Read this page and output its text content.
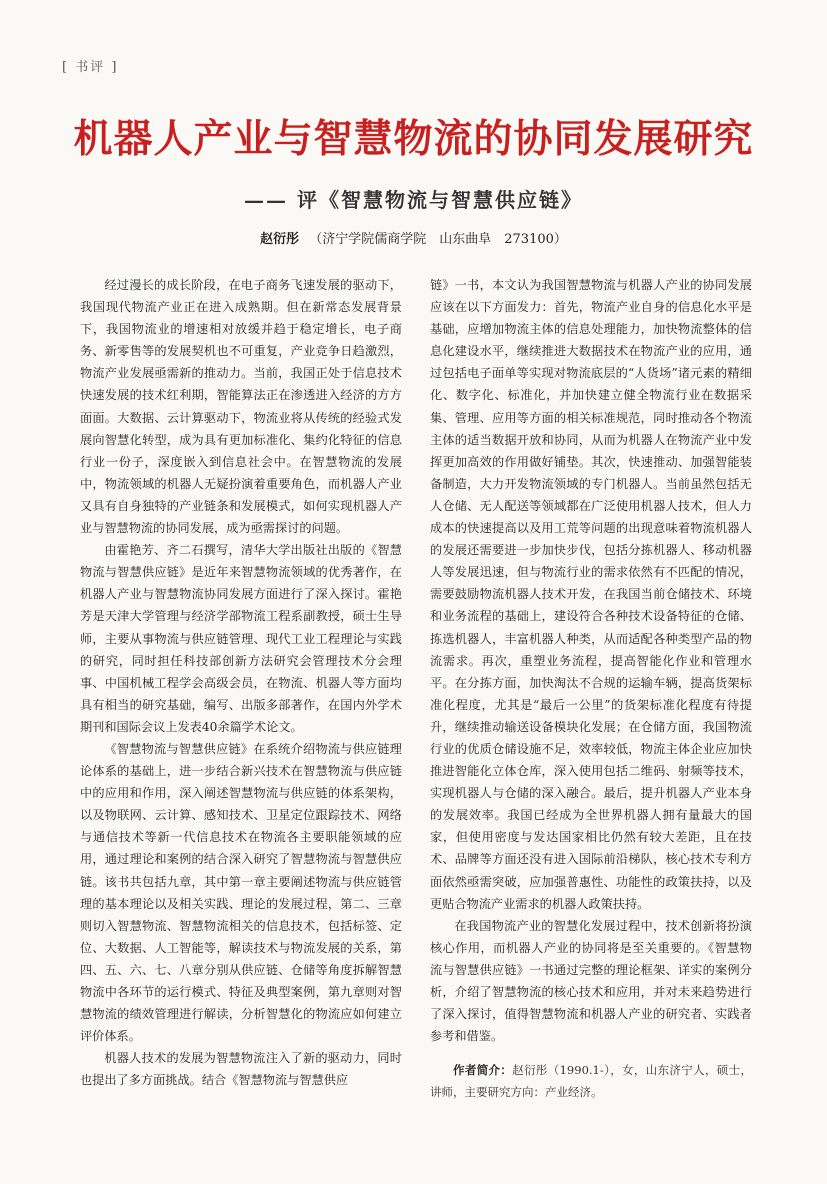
[ 书评 ]
机器人产业与智慧物流的协同发展研究
—— 评《智慧物流与智慧供应链》
赵衍彤 （济宁学院儒商学院　山东曲阜　273100）

经过漫长的成长阶段，在电子商务飞速发展的驱动下，我国现代物流产业正在进入成熟期。但在新常态发展背景下，我国物流业的增速相对放缓并趋于稳定增长，电子商务、新零售等的发展契机也不可重复，产业竞争日趋激烈，物流产业发展亟需新的推动力。当前，我国正处于信息技术快速发展的技术红利期，智能算法正在渗透进入经济的方方面面。大数据、云计算驱动下，物流业将从传统的经验式发展向智慧化转型，成为具有更加标准化、集约化特征的信息行业一份子，深度嵌入到信息社会中。在智慧物流的发展中，物流领域的机器人无疑扮演着重要角色，而机器人产业又具有自身独特的产业链条和发展模式，如何实现机器人产业与智慧物流的协同发展，成为亟需探讨的问题。

由霍艳芳、齐二石撰写，清华大学出版社出版的《智慧物流与智慧供应链》是近年来智慧物流领域的优秀著作，在机器人产业与智慧物流协同发展方面进行了深入探讨。霍艳芳是天津大学管理与经济学部物流工程系副教授，硕士生导师，主要从事物流与供应链管理、现代工业工程理论与实践的研究，同时担任科技部创新方法研究会管理技术分会理事、中国机械工程学会高级会员，在物流、机器人等方面均具有相当的研究基础，编写、出版多部著作，在国内外学术期刊和国际会议上发表40余篇学术论文。

《智慧物流与智慧供应链》在系统介绍物流与供应链理论体系的基础上，进一步结合新兴技术在智慧物流与供应链中的应用和作用，深入阐述智慧物流与供应链的体系架构，以及物联网、云计算、感知技术、卫星定位跟踪技术、网络与通信技术等新一代信息技术在物流各主要职能领域的应用，通过理论和案例的结合深入研究了智慧物流与智慧供应链。该书共包括九章，其中第一章主要阐述物流与供应链管理的基本理论以及相关实践、理论的发展过程，第二、三章则切入智慧物流、智慧物流相关的信息技术，包括标签、定位、大数据、人工智能等，解读技术与物流发展的关系，第四、五、六、七、八章分别从供应链、仓储等角度拆解智慧物流中各环节的运行模式、特征及典型案例，第九章则对智慧物流的绩效管理进行解读，分析智慧化的物流应如何建立评价体系。

机器人技术的发展为智慧物流注入了新的驱动力，同时也提出了多方面挑战。结合《智慧物流与智慧供应

链》一书，本文认为我国智慧物流与机器人产业的协同发展应该在以下方面发力：首先，物流产业自身的信息化水平是基础，应增加物流主体的信息处理能力，加快物流整体的信息化建设水平，继续推进大数据技术在物流产业的应用，通过包括电子面单等实现对物流底层的“人货场”诸元素的精细化、数字化、标准化，并加快建立健全物流行业在数据采集、管理、应用等方面的相关标准规范，同时推动各个物流主体的适当数据开放和协同，从而为机器人在物流产业中发挥更加高效的作用做好铺垫。其次，快速推动、加强智能装备制造，大力开发物流领域的专门机器人。当前虽然包括无人仓储、无人配送等领域都在广泛使用机器人技术，但人力成本的快速提高以及用工荒等问题的出现意味着物流机器人的发展还需要进一步加快步伐，包括分拣机器人、移动机器人等发展迅速，但与物流行业的需求依然有不匹配的情况，需要鼓励物流机器人技术开发，在我国当前仓储技术、环境和业务流程的基础上，建设符合各种技术设备特征的仓储、拣选机器人，丰富机器人种类，从而适配各种类型产品的物流需求。再次，重塑业务流程，提高智能化作业和管理水平。在分拣方面，加快淘汰不合规的运输车辆，提高货架标准化程度，尤其是“最后一公里”的货架标准化程度有待提升，继续推动输送设备模块化发展；在仓储方面，我国物流行业的优质仓储设施不足，效率较低，物流主体企业应加快推进智能化立体仓库，深入使用包括二维码、射频等技术，实现机器人与仓储的深入融合。最后，提升机器人产业本身的发展效率。我国已经成为全世界机器人拥有量最大的国家，但使用密度与发达国家相比仍然有较大差距，且在技术、品牌等方面还没有进入国际前沿梯队，核心技术专利方面依然亟需突破，应加强普惠性、功能性的政策扶持，以及更贴合物流产业需求的机器人政策扶持。

在我国物流产业的智慧化发展过程中，技术创新将扮演核心作用，而机器人产业的协同将是至关重要的。《智慧物流与智慧供应链》一书通过完整的理论框架、详实的案例分析，介绍了智慧物流的核心技术和应用，并对未来趋势进行了深入探讨，值得智慧物流和机器人产业的研究者、实践者参考和借鉴。

作者简介：赵衍彤（1990.1-），女，山东济宁人，硕士，讲师，主要研究方向：产业经济。
